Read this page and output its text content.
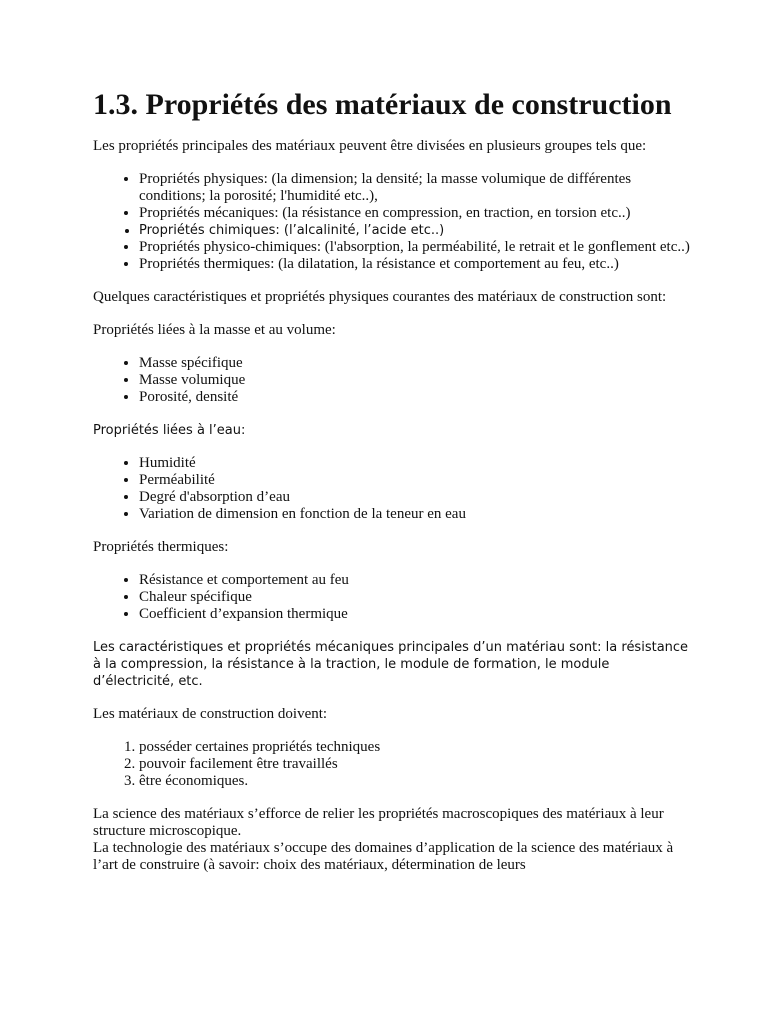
1.3. Propriétés des matériaux de construction

Les propriétés principales des matériaux peuvent être divisées en plusieurs groupes tels que:

• Propriétés physiques: (la dimension; la densité; la masse volumique de différentes conditions; la porosité; l'humidité etc..),
• Propriétés mécaniques: (la résistance en compression, en traction, en torsion etc..)
• Propriétés chimiques: (l’alcalinité, l’acide etc..)
• Propriétés physico-chimiques: (l'absorption, la perméabilité, le retrait et le gonflement etc..)
• Propriétés thermiques: (la dilatation, la résistance et comportement au feu, etc..)

Quelques caractéristiques et propriétés physiques courantes des matériaux de construction sont:

Propriétés liées à la masse et au volume:

• Masse spécifique
• Masse volumique
• Porosité, densité

Propriétés liées à l’eau:

• Humidité
• Perméabilité
• Degré d'absorption d’eau
• Variation de dimension en fonction de la teneur en eau

Propriétés thermiques:

• Résistance et comportement au feu
• Chaleur spécifique
• Coefficient d’expansion thermique

Les caractéristiques et propriétés mécaniques principales d’un matériau sont: la résistance à la compression, la résistance à la traction, le module de formation, le module d’électricité, etc.

Les matériaux de construction doivent:

1. posséder certaines propriétés techniques
2. pouvoir facilement être travaillés
3. être économiques.

La science des matériaux s’efforce de relier les propriétés macroscopiques des matériaux à leur structure microscopique.

La technologie des matériaux s’occupe des domaines d’application de la science des matériaux à l’art de construire (à savoir: choix des matériaux, détermination de leurs
